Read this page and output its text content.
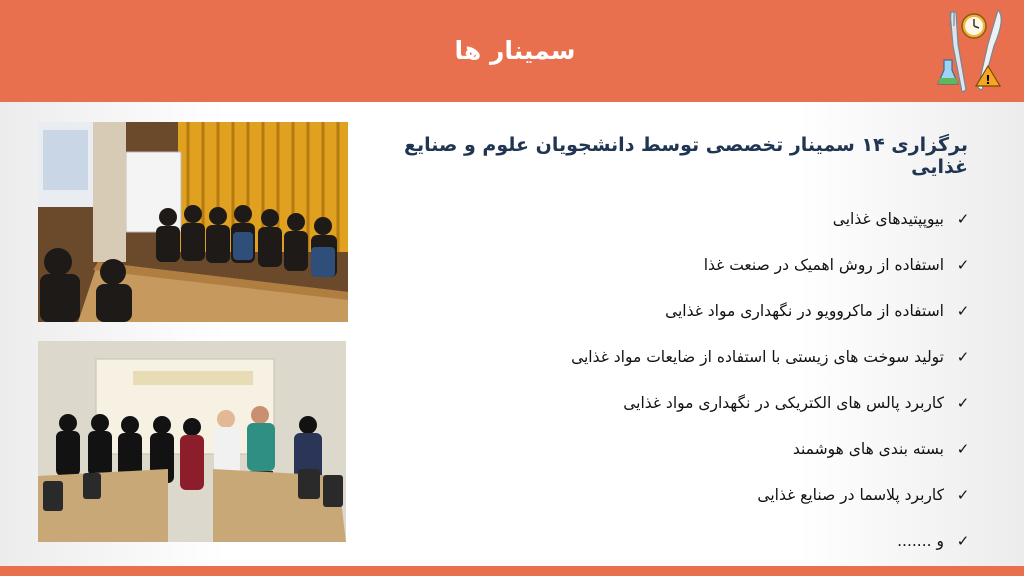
سمینار ها
!
برگزاری ۱۴ سمینار تخصصی توسط دانشجویان علوم و صنایع غذایی
✓
بیوپپتیدهای غذایی
✓
استفاده از روش اهمیک در صنعت غذا
✓
استفاده از ماکروویو در نگهداری مواد غذایی
✓
تولید سوخت های زیستی با استفاده از ضایعات مواد غذایی
✓
کاربرد پالس های الکتریکی در نگهداری مواد غذایی
✓
بسته بندی های هوشمند
✓
کاربرد پلاسما در صنایع غذایی
✓
و .......
